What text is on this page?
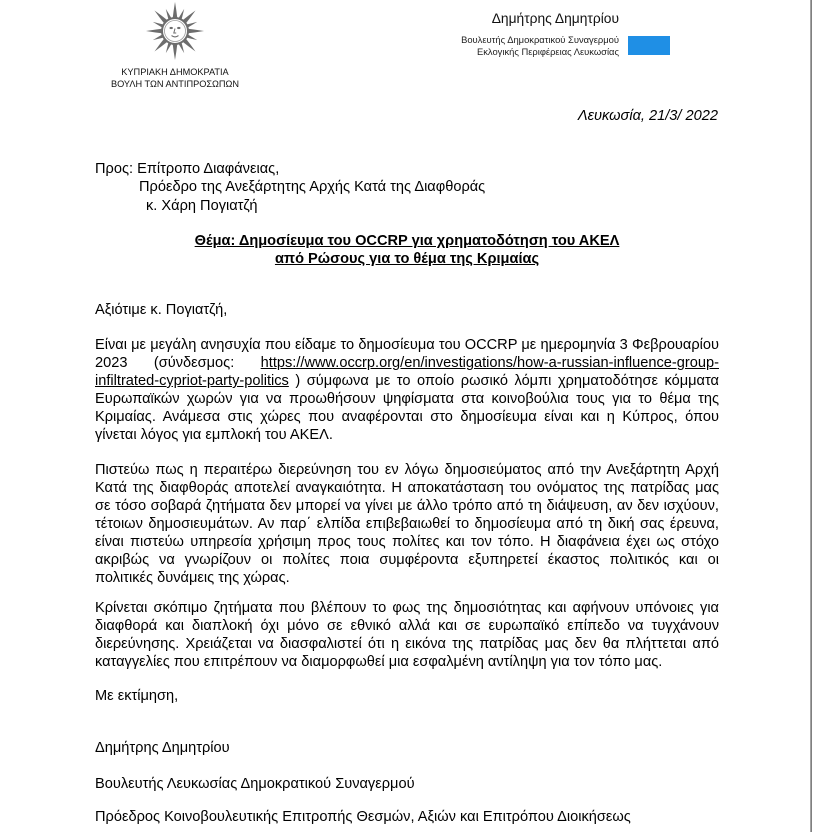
ΚΥΠΡΙΑΚΗ ΔΗΜΟΚΡΑΤΙΑ
ΒΟΥΛΗ ΤΩΝ ΑΝΤΙΠΡΟΣΩΠΩΝ
Δημήτρης Δημητρίου
Βουλευτής Δημοκρατικού Συναγερμού
Εκλογικής Περιφέρειας Λευκωσίας
Λευκωσία, 21/3/ 2022
Προς: Επίτροπο Διαφάνειας,
Πρόεδρο της Ανεξάρτητης Αρχής Κατά της Διαφθοράς
κ. Χάρη Πογιατζή
Θέμα: Δημοσίευμα του OCCRP για χρηματοδότηση του ΑΚΕΛ
από Ρώσους για το θέμα της Κριμαίας
Αξιότιμε κ. Πογιατζή,
Είναι με μεγάλη ανησυχία που είδαμε το δημοσίευμα του OCCRP με ημερομηνία 3 Φεβρουαρίου
2023 (σύνδεσμος: https://www.occrp.org/en/investigations/how-a-russian-influence-group-
infiltrated-cypriot-party-politics ) σύμφωνα με το οποίο ρωσικό λόμπι χρηματοδότησε κόμματα
Ευρωπαϊκών χωρών για να προωθήσουν ψηφίσματα στα κοινοβούλια τους για το θέμα της
Κριμαίας. Ανάμεσα στις χώρες που αναφέρονται στο δημοσίευμα είναι και η Κύπρος, όπου
γίνεται λόγος για εμπλοκή του ΑΚΕΛ.
Πιστεύω πως η περαιτέρω διερεύνηση του εν λόγω δημοσιεύματος από την Ανεξάρτητη Αρχή
Κατά της διαφθοράς αποτελεί αναγκαιότητα. Η αποκατάσταση του ονόματος της πατρίδας μας
σε τόσο σοβαρά ζητήματα δεν μπορεί να γίνει με άλλο τρόπο από τη διάψευση, αν δεν ισχύουν,
τέτοιων δημοσιευμάτων. Αν παρ΄ ελπίδα επιβεβαιωθεί το δημοσίευμα από τη δική σας έρευνα,
είναι πιστεύω υπηρεσία χρήσιμη προς τους πολίτες και τον τόπο. Η διαφάνεια έχει ως στόχο
ακριβώς να γνωρίζουν οι πολίτες ποια συμφέροντα εξυπηρετεί έκαστος πολιτικός και οι
πολιτικές δυνάμεις της χώρας.
Κρίνεται σκόπιμο ζητήματα που βλέπουν το φως της δημοσιότητας και αφήνουν υπόνοιες για
διαφθορά και διαπλοκή όχι μόνο σε εθνικό αλλά και σε ευρωπαϊκό επίπεδο να τυγχάνουν
διερεύνησης. Χρειάζεται να διασφαλιστεί ότι η εικόνα της πατρίδας μας δεν θα πλήττεται από
καταγγελίες που επιτρέπουν να διαμορφωθεί μια εσφαλμένη αντίληψη για τον τόπο μας.
Με εκτίμηση,
Δημήτρης Δημητρίου
Βουλευτής Λευκωσίας Δημοκρατικού Συναγερμού
Πρόεδρος Κοινοβουλευτικής Επιτροπής Θεσμών, Αξιών και Επιτρόπου Διοικήσεως
